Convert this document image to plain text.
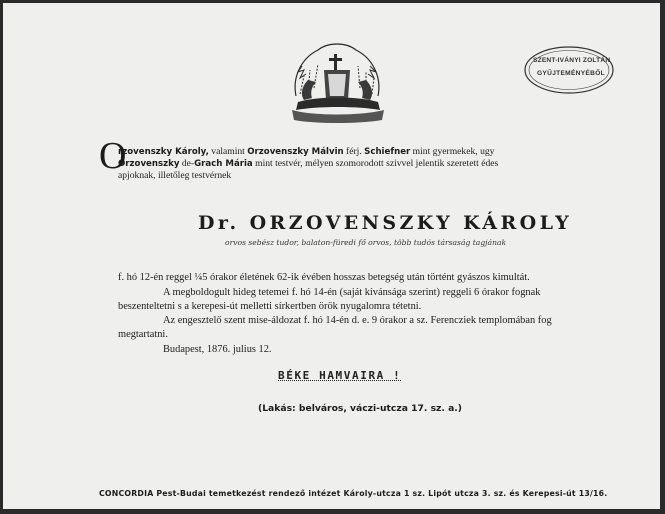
SZENT-IVÁNYI ZOLTÁN
GYŰJTEMÉNYÉBŐL
O
rzovenszky Károly, valamint Orzovenszky Málvin férj. Schiefner mint gyermekek, ugy
Orzovenszky de-Grach Mária mint testvér, mélyen szomorodott szivvel jelentik szeretett édes
apjoknak, illetőleg testvérnek
Dr. ORZOVENSZKY KÁROLY
orvos sebész tudor, balaton-füredi fő orvos, több tudós társaság tagjának
f. hó 12-én reggel ¼5 órakor életének 62-ik évében hosszas betegség után történt gyászos kimultát.
A megboldogult hideg tetemei f. hó 14-én (saját kívánsága szerint) reggeli 6 órakor fognak
beszenteltetni s a kerepesi-út melletti sírkertben örök nyugalomra tétetni.
Az engesztelő szent mise-áldozat f. hó 14-én d. e. 9 órakor a sz. Ferencziek templomában fog
megtartatni.
Budapest, 1876. julius 12.
BÉKE HAMVAIRA !
(Lakás: belváros, váczi-utcza 17. sz. a.)
CONCORDIA Pest-Budai temetkezést rendező intézet Károly-utcza 1 sz. Lipót utcza 3. sz. és Kerepesi-út 13/16.
